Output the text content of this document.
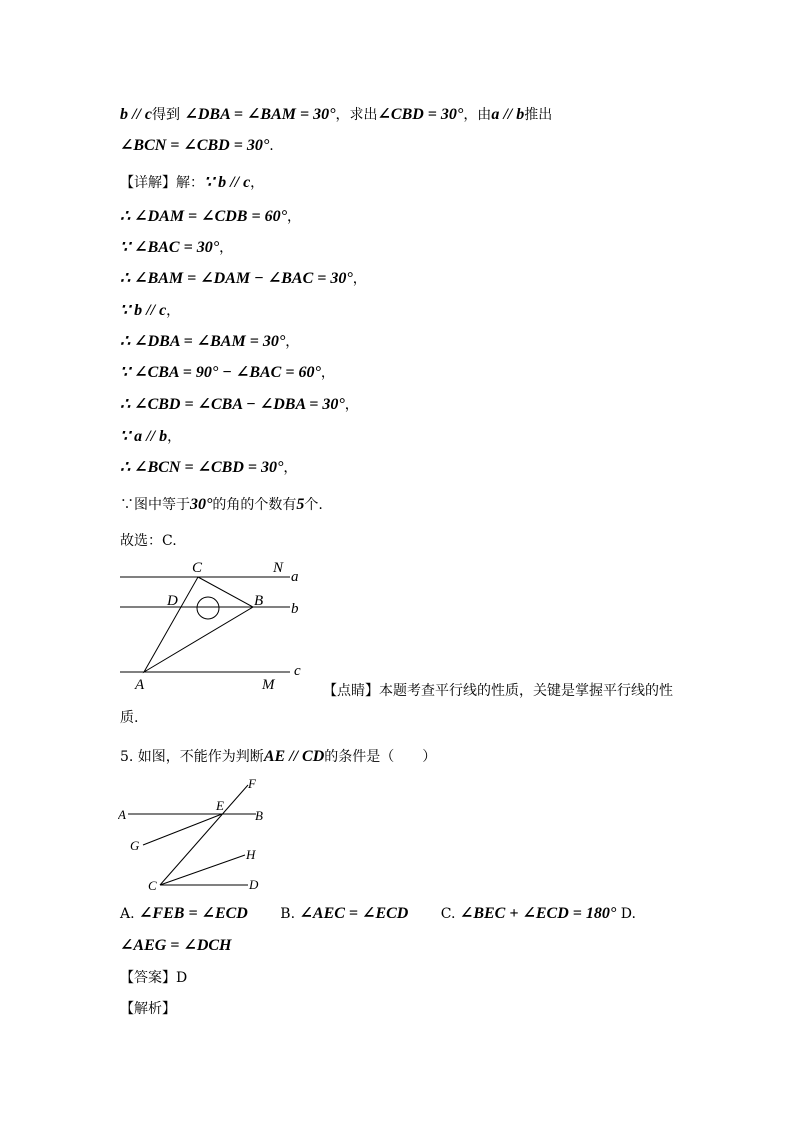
b // c得到 ∠DBA = ∠BAM = 30°，求出∠CBD = 30°，由a // b推出
∠BCN = ∠CBD = 30°.
【详解】解：∵ b // c，
∴ ∠DAM = ∠CDB = 60°，
∵ ∠BAC = 30°，
∴ ∠BAM = ∠DAM − ∠BAC = 30°，
∵ b // c，
∴ ∠DBA = ∠BAM = 30°，
∵ ∠CBA = 90° − ∠BAC = 60°，
∴ ∠CBD = ∠CBA − ∠DBA = 30°，
∵ a // b，
∴ ∠BCN = ∠CBD = 30°，
∵图中等于30°的角的个数有5个.
故选：C.
【点睛】本题考查平行线的性质，关键是掌握平行线的性
质.
5. 如图，不能作为判断AE // CD的条件是（　　）
A. ∠FEB = ∠ECD　　 B. ∠AEC = ∠ECD　　 C. ∠BEC + ∠ECD = 180° D.
∠AEG = ∠DCH
【答案】D
【解析】
C	N
a
D	B b
c
A	M
F
E
A	B
G
H
C	D
